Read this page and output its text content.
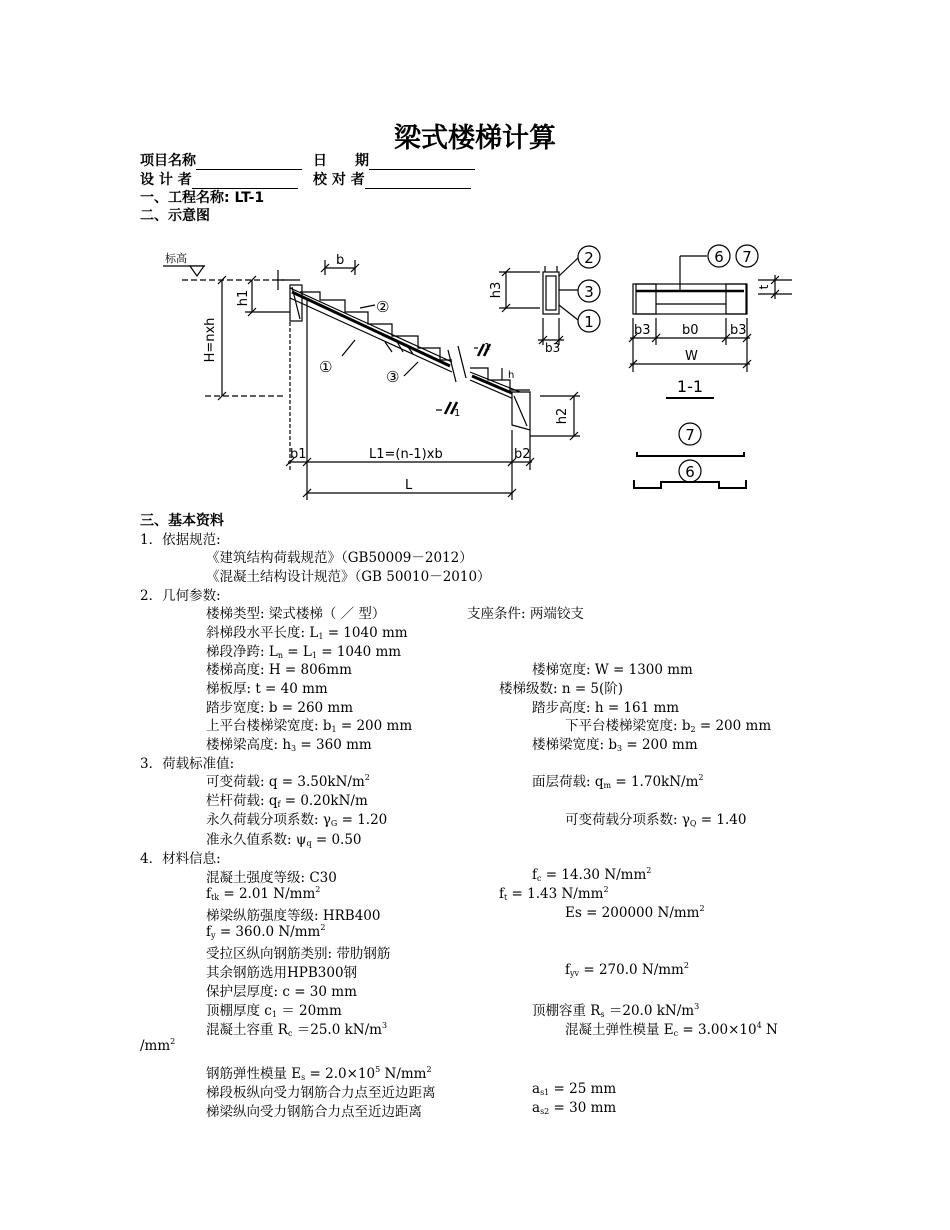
梁式楼梯计算
项目名称	日　　期
设 计 者	校 对 者
一、工程名称: LT-1
二、示意图
标高
H=nxh
h1
b
h
h2
b1	L1=(n-1)xb	b2
L
①
②
③
1
1
h3
b3
2
3
1
6 7
t
b3 b0 b3
W
1-1
7
6
三、基本资料
1．依据规范:
《建筑结构荷载规范》（GB50009－2012）
《混凝土结构设计规范》（GB 50010－2010）
2．几何参数:
楼梯类型: 梁式楼梯（ ／ 型）	支座条件: 两端铰支
斜梯段水平长度: $L_1 = 1040$ mm
梯段净跨: $L_n = L_1 = 1040$ mm
楼梯高度: H = 806mm	楼梯宽度: W = 1300 mm
梯板厚: t = 40 mm	楼梯级数: n = 5(阶)
踏步宽度: b = 260 mm	踏步高度: h = 161 mm
上平台楼梯梁宽度: $b_1 = 200$ mm	下平台楼梯梁宽度: $b_2 = 200$ mm
楼梯梁高度: $h_3 = 360$ mm	楼梯梁宽度: $b_3 = 200$ mm
3．荷载标准值:
可变荷载: $q = 3.50kN/m^2$	面层荷载: $q_m = 1.70kN/m^2$
栏杆荷载: $q_f = 0.20kN/m$
永久荷载分项系数: $\gamma_G = 1.20$	可变荷载分项系数: $\gamma_Q = 1.40$
准永久值系数: $\psi_q = 0.50$
4．材料信息:
混凝土强度等级: C30	$f_c = 14.30$ $N/mm^2$
$f_{tk} = 2.01$ $N/mm^2$	$f_t = 1.43$ $N/mm^2$
梯梁纵筋强度等级: HRB400	Es = 200000 $N/mm^2$
$f_y = 360.0$ $N/mm^2$
受拉区纵向钢筋类别: 带肋钢筋
其余钢筋选用HPB300钢	$f_{yv} = 270.0$ $N/mm^2$
保护层厚度: c = 30 mm
顶棚厚度 $c_1 = 20mm$	顶棚容重 $R_s =20.0$ $kN/m^3$
混凝土容重 $R_c =25.0$ $kN/m^3$	混凝土弹性模量 $E_c = 3.00\times 10^4$ N
$/mm^2$
钢筋弹性模量 $E_s = 2.0\times 10^5$ $N/mm^2$
梯段板纵向受力钢筋合力点至近边距离	$a_{s1} = 25$ mm
梯梁纵向受力钢筋合力点至近边距离	$a_{s2} = 30$ mm
